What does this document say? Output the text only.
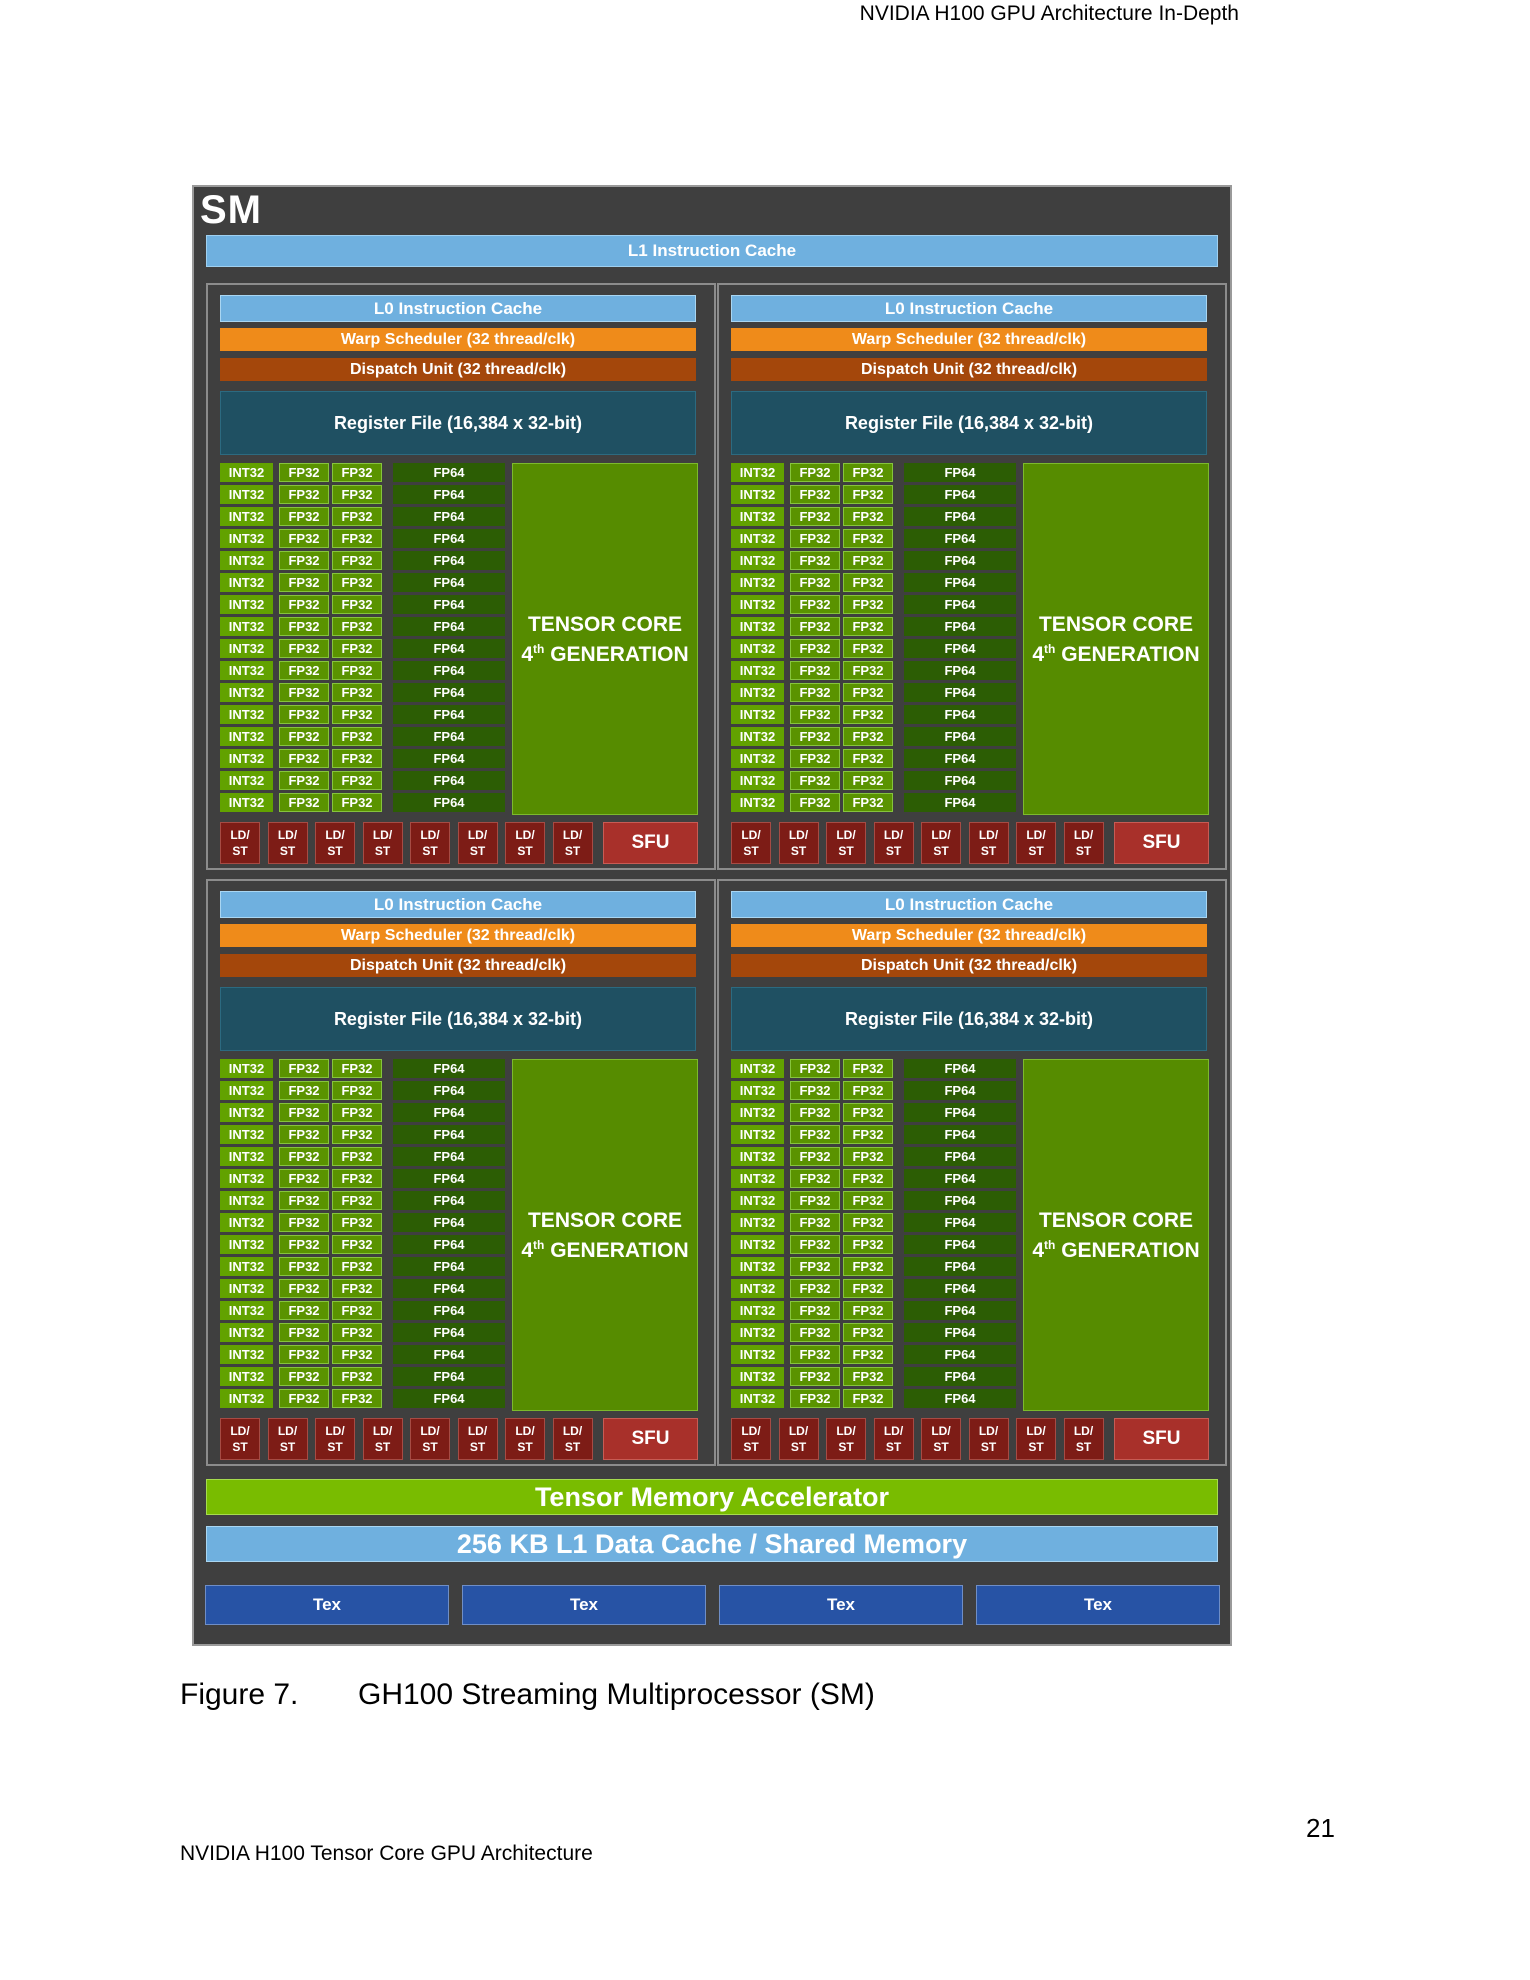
NVIDIA H100 GPU Architecture In-Depth
L1 Instruction Cache
L0 Instruction Cache
Warp Scheduler (32 thread/clk)
Dispatch Unit (32 thread/clk)
Register File (16,384 x 32-bit)
INT32	FP32	FP32	FP64
INT32	FP32	FP32	FP64
INT32	FP32	FP32	FP64
INT32	FP32	FP32	FP64
INT32	FP32	FP32	FP64
INT32	FP32	FP32	FP64
INT32	FP32	FP32	FP64
INT32	FP32	FP32	FP64
INT32	FP32	FP32	FP64
INT32	FP32	FP32	FP64
INT32	FP32	FP32	FP64
INT32	FP32	FP32	FP64
INT32	FP32	FP32	FP64
INT32	FP32	FP32	FP64
INT32	FP32	FP32	FP64
INT32	FP32	FP32	FP64
TENSOR CORE
4th GENERATION
LD/
ST
LD/
ST
LD/
ST
LD/
ST
LD/
ST
LD/
ST
LD/
ST
LD/
ST	SFU
L0 Instruction Cache
Warp Scheduler (32 thread/clk)
Dispatch Unit (32 thread/clk)
Register File (16,384 x 32-bit)
INT32	FP32	FP32	FP64
INT32	FP32	FP32	FP64
INT32	FP32	FP32	FP64
INT32	FP32	FP32	FP64
INT32	FP32	FP32	FP64
INT32	FP32	FP32	FP64
INT32	FP32	FP32	FP64
INT32	FP32	FP32	FP64
INT32	FP32	FP32	FP64
INT32	FP32	FP32	FP64
INT32	FP32	FP32	FP64
INT32	FP32	FP32	FP64
INT32	FP32	FP32	FP64
INT32	FP32	FP32	FP64
INT32	FP32	FP32	FP64
INT32	FP32	FP32	FP64
TENSOR CORE
4th GENERATION
LD/
ST
LD/
ST
LD/
ST
LD/
ST
LD/
ST
LD/
ST
LD/
ST
LD/
ST	SFU
L0 Instruction Cache
Warp Scheduler (32 thread/clk)
Dispatch Unit (32 thread/clk)
Register File (16,384 x 32-bit)
INT32	FP32	FP32	FP64
INT32	FP32	FP32	FP64
INT32	FP32	FP32	FP64
INT32	FP32	FP32	FP64
INT32	FP32	FP32	FP64
INT32	FP32	FP32	FP64
INT32	FP32	FP32	FP64
INT32	FP32	FP32	FP64
INT32	FP32	FP32	FP64
INT32	FP32	FP32	FP64
INT32	FP32	FP32	FP64
INT32	FP32	FP32	FP64
INT32	FP32	FP32	FP64
INT32	FP32	FP32	FP64
INT32	FP32	FP32	FP64
INT32	FP32	FP32	FP64
TENSOR CORE
4th GENERATION
LD/
ST
LD/
ST
LD/
ST
LD/
ST
LD/
ST
LD/
ST
LD/
ST
LD/
ST	SFU
L0 Instruction Cache
Warp Scheduler (32 thread/clk)
Dispatch Unit (32 thread/clk)
Register File (16,384 x 32-bit)
INT32	FP32	FP32	FP64
INT32	FP32	FP32	FP64
INT32	FP32	FP32	FP64
INT32	FP32	FP32	FP64
INT32	FP32	FP32	FP64
INT32	FP32	FP32	FP64
INT32	FP32	FP32	FP64
INT32	FP32	FP32	FP64
INT32	FP32	FP32	FP64
INT32	FP32	FP32	FP64
INT32	FP32	FP32	FP64
INT32	FP32	FP32	FP64
INT32	FP32	FP32	FP64
INT32	FP32	FP32	FP64
INT32	FP32	FP32	FP64
INT32	FP32	FP32	FP64
TENSOR CORE
4th GENERATION
LD/
ST
LD/
ST
LD/
ST
LD/
ST
LD/
ST
LD/
ST
LD/
ST
LD/
ST	SFU
Tensor Memory Accelerator
256 KB L1 Data Cache / Shared Memory
SM
Tex	Tex	Tex	Tex
Figure 7. GH100 Streaming Multiprocessor (SM)
21
NVIDIA H100 Tensor Core GPU Architecture
